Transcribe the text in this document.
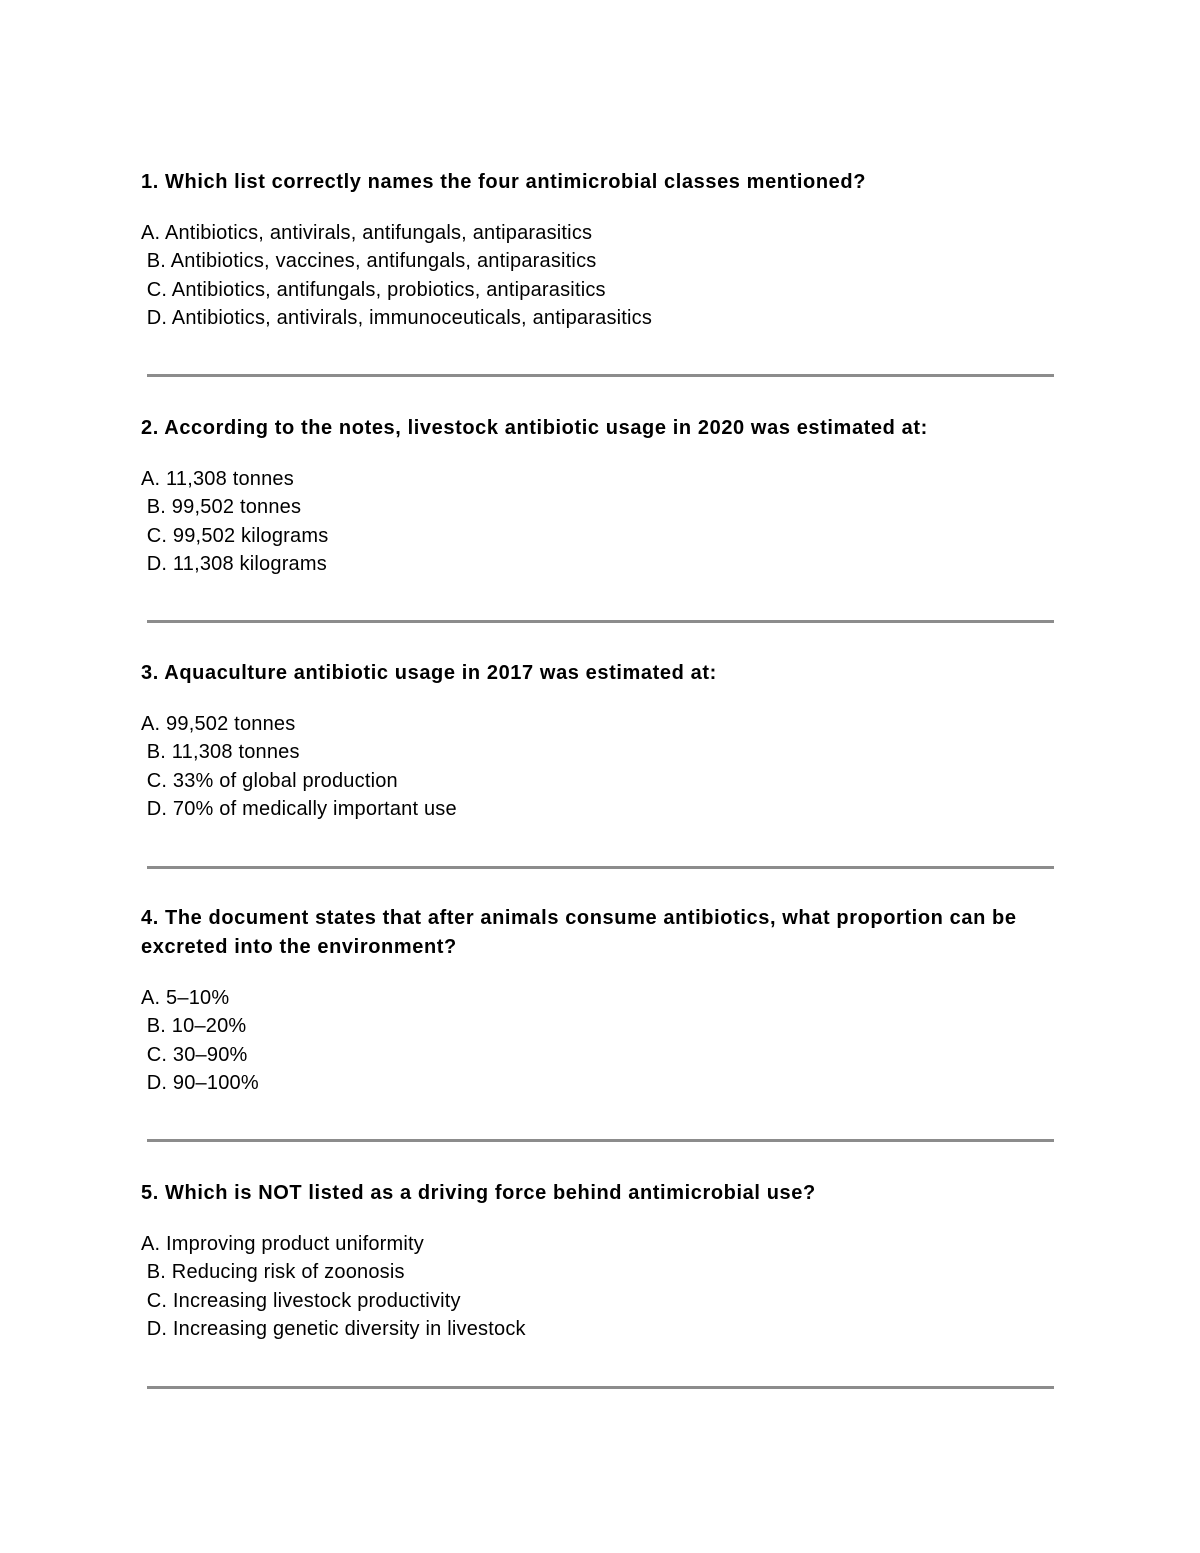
1. Which list correctly names the four antimicrobial classes mentioned?

A. Antibiotics, antivirals, antifungals, antiparasitics
B. Antibiotics, vaccines, antifungals, antiparasitics
C. Antibiotics, antifungals, probiotics, antiparasitics
D. Antibiotics, antivirals, immunoceuticals, antiparasitics

2. According to the notes, livestock antibiotic usage in 2020 was estimated at:

A. 11,308 tonnes
B. 99,502 tonnes
C. 99,502 kilograms
D. 11,308 kilograms

3. Aquaculture antibiotic usage in 2017 was estimated at:

A. 99,502 tonnes
B. 11,308 tonnes
C. 33% of global production
D. 70% of medically important use

4. The document states that after animals consume antibiotics, what proportion can be excreted into the environment?

A. 5–10%
B. 10–20%
C. 30–90%
D. 90–100%

5. Which is NOT listed as a driving force behind antimicrobial use?

A. Improving product uniformity
B. Reducing risk of zoonosis
C. Increasing livestock productivity
D. Increasing genetic diversity in livestock
